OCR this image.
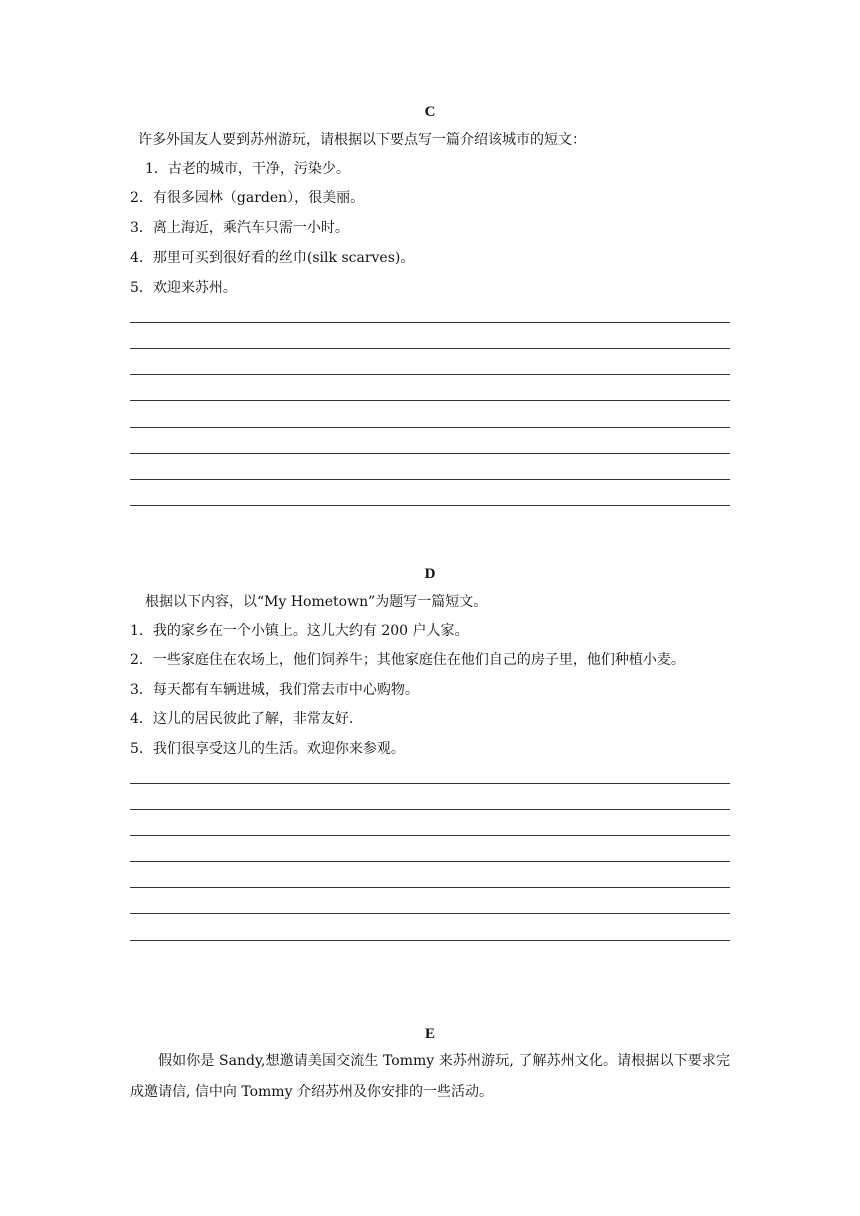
C
许多外国友人要到苏州游玩，请根据以下要点写一篇介绍该城市的短文：
1．古老的城市，干净，污染少。
2．有很多园林（garden），很美丽。
3．离上海近，乘汽车只需一小时。
4．那里可买到很好看的丝巾(silk scarves)。
5．欢迎来苏州。
D
根据以下内容，以“My Hometown”为题写一篇短文。
1．我的家乡在一个小镇上。这儿大约有 200 户人家。
2．一些家庭住在农场上，他们饲养牛；其他家庭住在他们自己的房子里，他们种植小麦。
3．每天都有车辆进城，我们常去市中心购物。
4．这儿的居民彼此了解，非常友好.
5．我们很享受这儿的生活。欢迎你来参观。
E
假如你是 Sandy,想邀请美国交流生 Tommy 来苏州游玩, 了解苏州文化。请根据以下要求完成邀请信, 信中向 Tommy 介绍苏州及你安排的一些活动。
